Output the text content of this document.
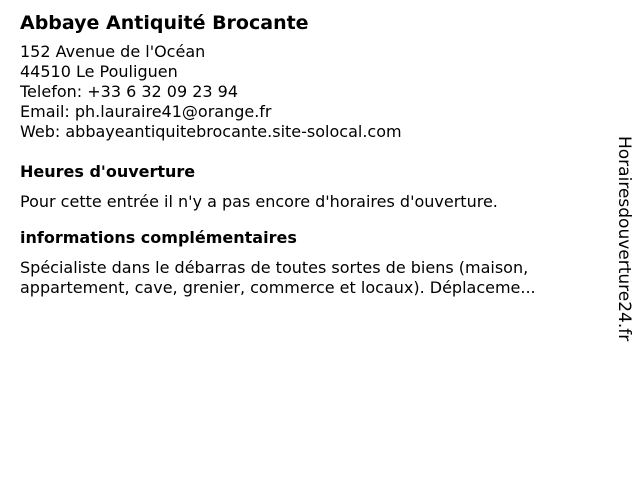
Abbaye Antiquité Brocante
152 Avenue de l'Océan
44510 Le Pouliguen
Telefon: +33 6 32 09 23 94
Email: ph.lauraire41@orange.fr
Web: abbayeantiquitebrocante.site-solocal.com
Heures d'ouverture

Pour cette entrée il n'y a pas encore d'horaires d'ouverture.

informations complémentaires
Spécialiste dans le débarras de toutes sortes de biens (maison,
appartement, cave, grenier, commerce et locaux). Déplaceme...	Horairesdouverture24.fr
